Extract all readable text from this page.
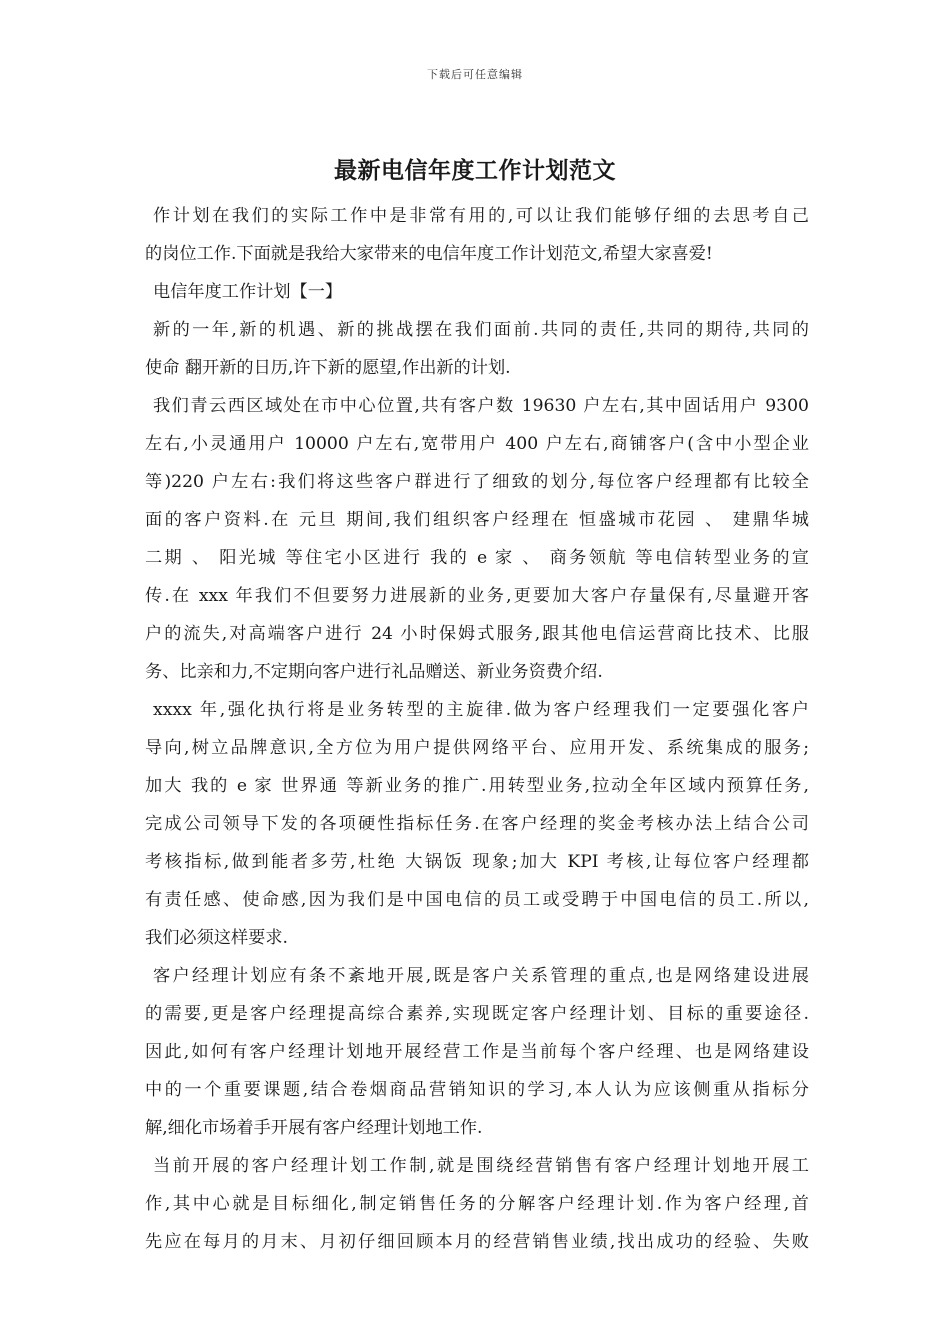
下载后可任意编辑
最新电信年度工作计划范文
作计划在我们的实际工作中是非常有用的,可以让我们能够仔细的去思考自己
的岗位工作.下面就是我给大家带来的电信年度工作计划范文,希望大家喜爱!
电信年度工作计划【一】
新的一年,新的机遇、新的挑战摆在我们面前.共同的责任,共同的期待,共同的
使命 翻开新的日历,许下新的愿望,作出新的计划.
我们青云西区域处在市中心位置,共有客户数 19630 户左右,其中固话用户 9300
左右,小灵通用户 10000 户左右,宽带用户 400 户左右,商铺客户(含中小型企业
等)220 户左右:我们将这些客户群进行了细致的划分,每位客户经理都有比较全
面的客户资料.在 元旦 期间,我们组织客户经理在 恒盛城市花园 、 建鼎华城
二期 、 阳光城 等住宅小区进行 我的 e 家 、 商务领航 等电信转型业务的宣
传.在 xxx 年我们不但要努力进展新的业务,更要加大客户存量保有,尽量避开客
户的流失,对高端客户进行 24 小时保姆式服务,跟其他电信运营商比技术、比服
务、比亲和力,不定期向客户进行礼品赠送、新业务资费介绍.
xxxx 年,强化执行将是业务转型的主旋律.做为客户经理我们一定要强化客户
导向,树立品牌意识,全方位为用户提供网络平台、应用开发、系统集成的服务;
加大 我的 e 家 世界通 等新业务的推广.用转型业务,拉动全年区域内预算任务,
完成公司领导下发的各项硬性指标任务.在客户经理的奖金考核办法上结合公司
考核指标,做到能者多劳,杜绝 大锅饭 现象;加大 KPI 考核,让每位客户经理都
有责任感、使命感,因为我们是中国电信的员工或受聘于中国电信的员工.所以,
我们必须这样要求.
客户经理计划应有条不紊地开展,既是客户关系管理的重点,也是网络建设进展
的需要,更是客户经理提高综合素养,实现既定客户经理计划、目标的重要途径.
因此,如何有客户经理计划地开展经营工作是当前每个客户经理、也是网络建设
中的一个重要课题,结合卷烟商品营销知识的学习,本人认为应该侧重从指标分
解,细化市场着手开展有客户经理计划地工作.
当前开展的客户经理计划工作制,就是围绕经营销售有客户经理计划地开展工
作,其中心就是目标细化,制定销售任务的分解客户经理计划.作为客户经理,首
先应在每月的月末、月初仔细回顾本月的经营销售业绩,找出成功的经验、失败
